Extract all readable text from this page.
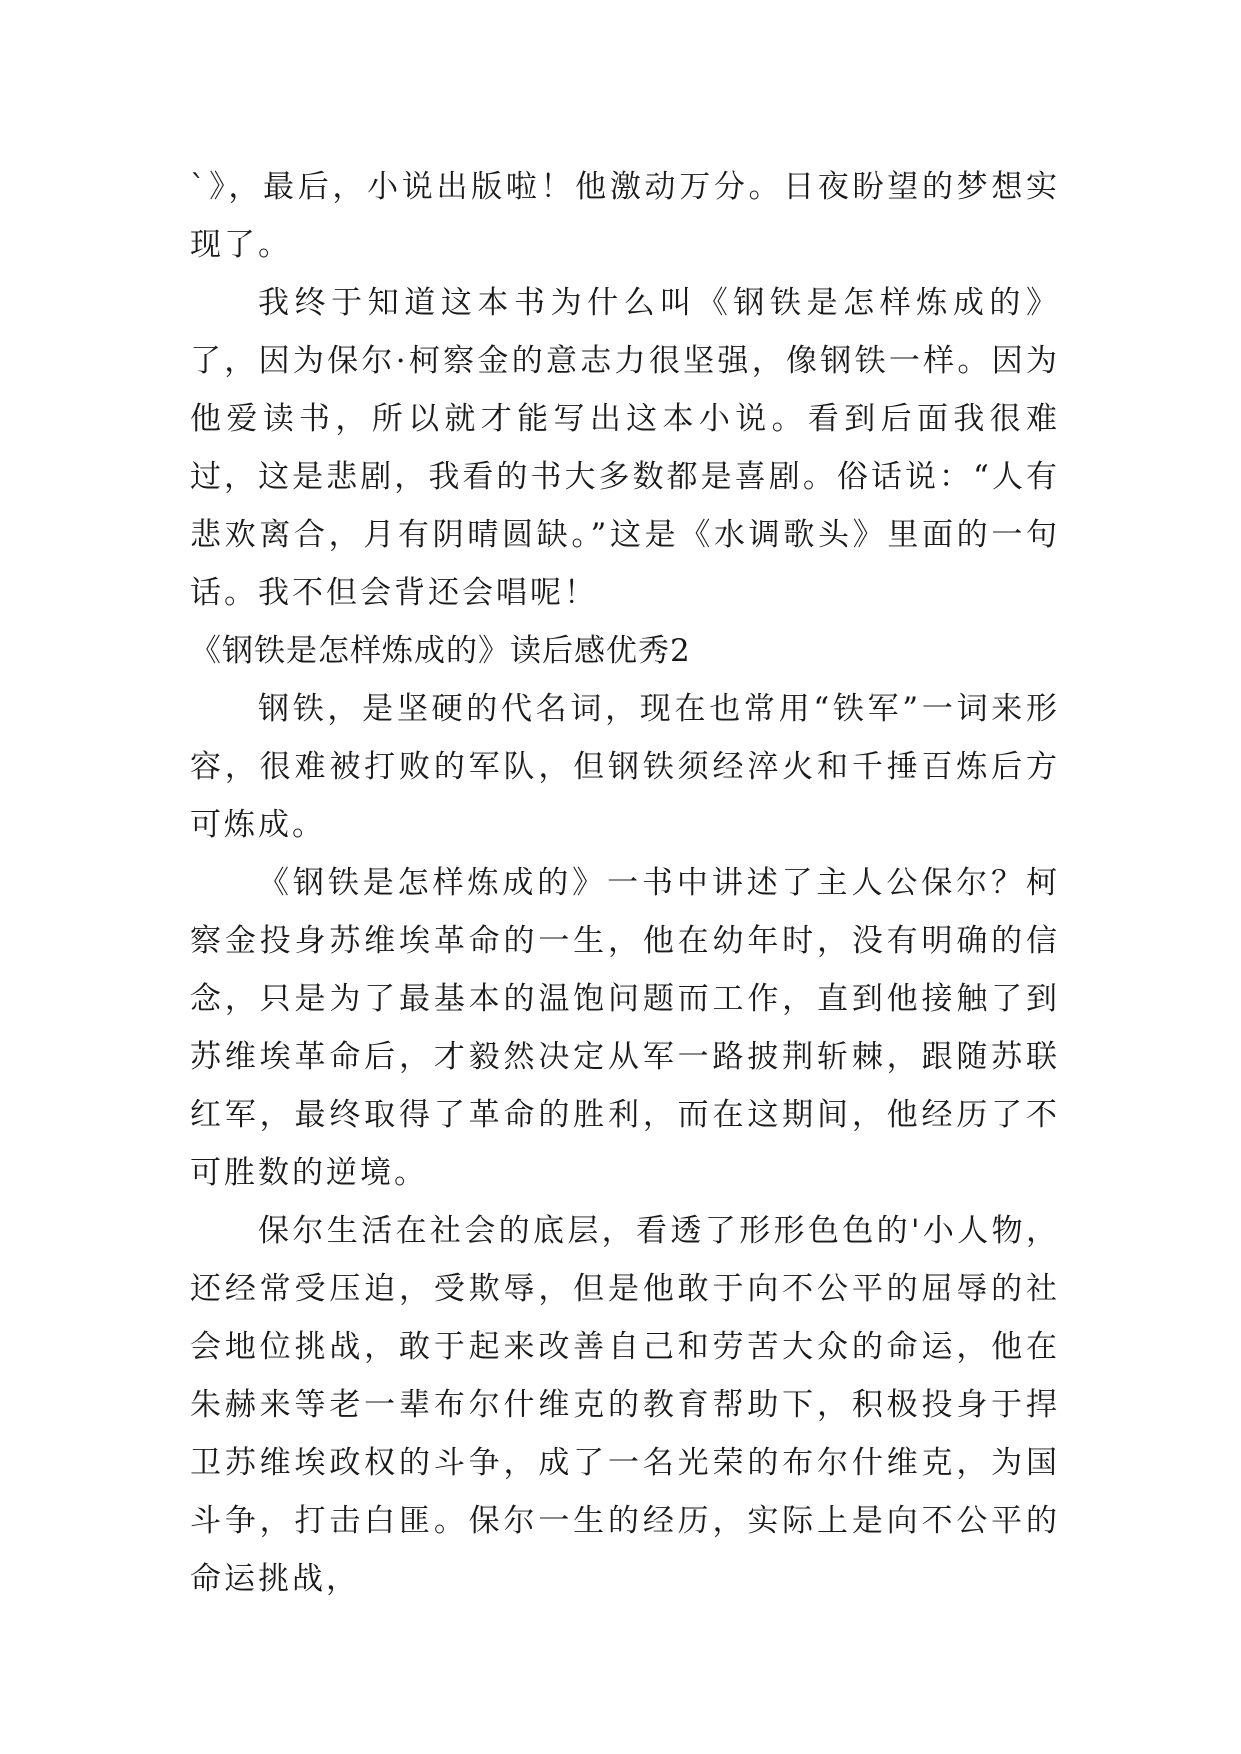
`》，最后，小说出版啦！他激动万分。日夜盼望的梦想实现了。

我终于知道这本书为什么叫《钢铁是怎样炼成的》了，因为保尔·柯察金的意志力很坚强，像钢铁一样。因为他爱读书，所以就才能写出这本小说。看到后面我很难过，这是悲剧，我看的书大多数都是喜剧。俗话说：“人有悲欢离合，月有阴晴圆缺。”这是《水调歌头》里面的一句话。我不但会背还会唱呢！

《钢铁是怎样炼成的》读后感优秀2

钢铁，是坚硬的代名词，现在也常用“铁军”一词来形容，很难被打败的军队，但钢铁须经淬火和千捶百炼后方可炼成。

《钢铁是怎样炼成的》一书中讲述了主人公保尔？柯察金投身苏维埃革命的一生，他在幼年时，没有明确的信念，只是为了最基本的温饱问题而工作，直到他接触了到苏维埃革命后，才毅然决定从军一路披荆斩棘，跟随苏联红军，最终取得了革命的胜利，而在这期间，他经历了不可胜数的逆境。

保尔生活在社会的底层，看透了形形色色的'小人物，还经常受压迫，受欺辱，但是他敢于向不公平的屈辱的社会地位挑战，敢于起来改善自己和劳苦大众的命运，他在朱赫来等老一辈布尔什维克的教育帮助下，积极投身于捍卫苏维埃政权的斗争，成了一名光荣的布尔什维克，为国斗争，打击白匪。保尔一生的经历，实际上是向不公平的命运挑战，
